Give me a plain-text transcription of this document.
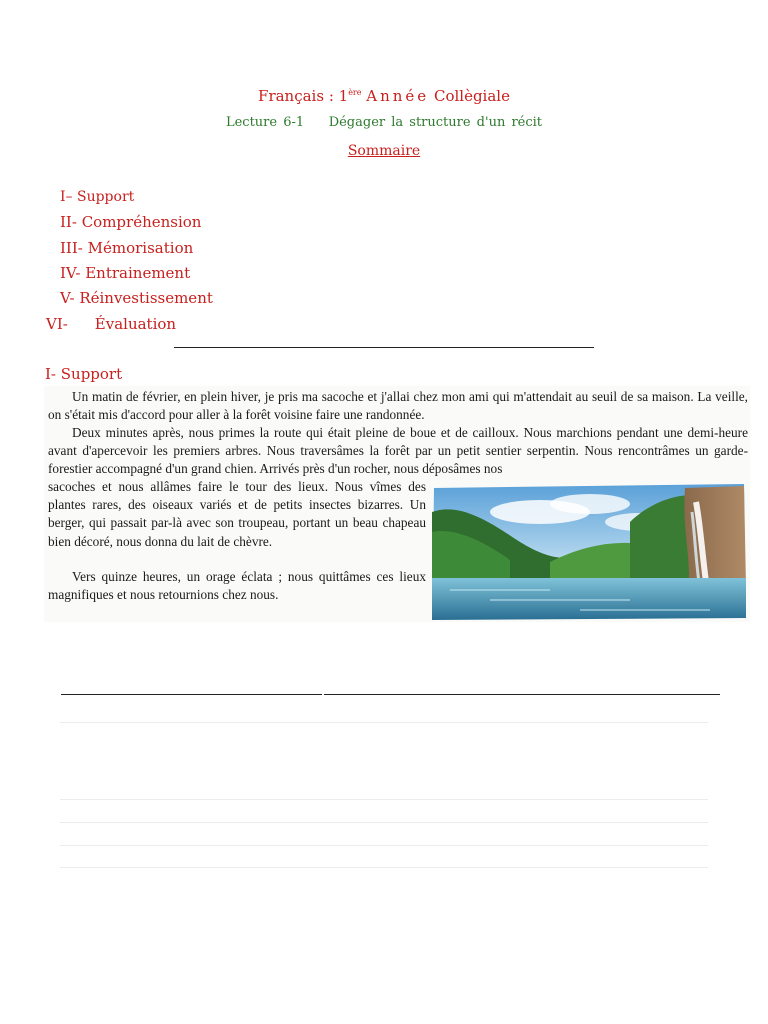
Français : 1ère Année Collègiale
Lecture 6-1 Dégager la structure d'un récit
Sommaire
I– Support
II- Compréhension
III- Mémorisation
IV- Entrainement
V- Réinvestissement
VI- Évaluation
I- Support

Un matin de février, en plein hiver, je pris ma sacoche et j'allai chez mon ami qui m'attendait au seuil de sa maison. La veille, on s'était mis d'accord pour aller à la forêt voisine faire une randonnée.

Deux minutes après, nous primes la route qui était pleine de boue et de cailloux. Nous marchions pendant une demi-heure avant d'apercevoir les premiers arbres. Nous traversâmes la forêt par un petit sentier serpentin. Nous rencontrâmes un garde-forestier accompagné d'un grand chien. Arrivés près d'un rocher, nous déposâmes nos

sacoches et nous allâmes faire le tour des lieux. Nous vîmes des plantes rares, des oiseaux variés et de petits insectes bizarres. Un berger, qui passait par-là avec son troupeau, portant un beau chapeau bien décoré, nous donna du lait de chèvre.

Vers quinze heures, un orage éclata ; nous quittâmes ces lieux magnifiques et nous retournions chez nous.
